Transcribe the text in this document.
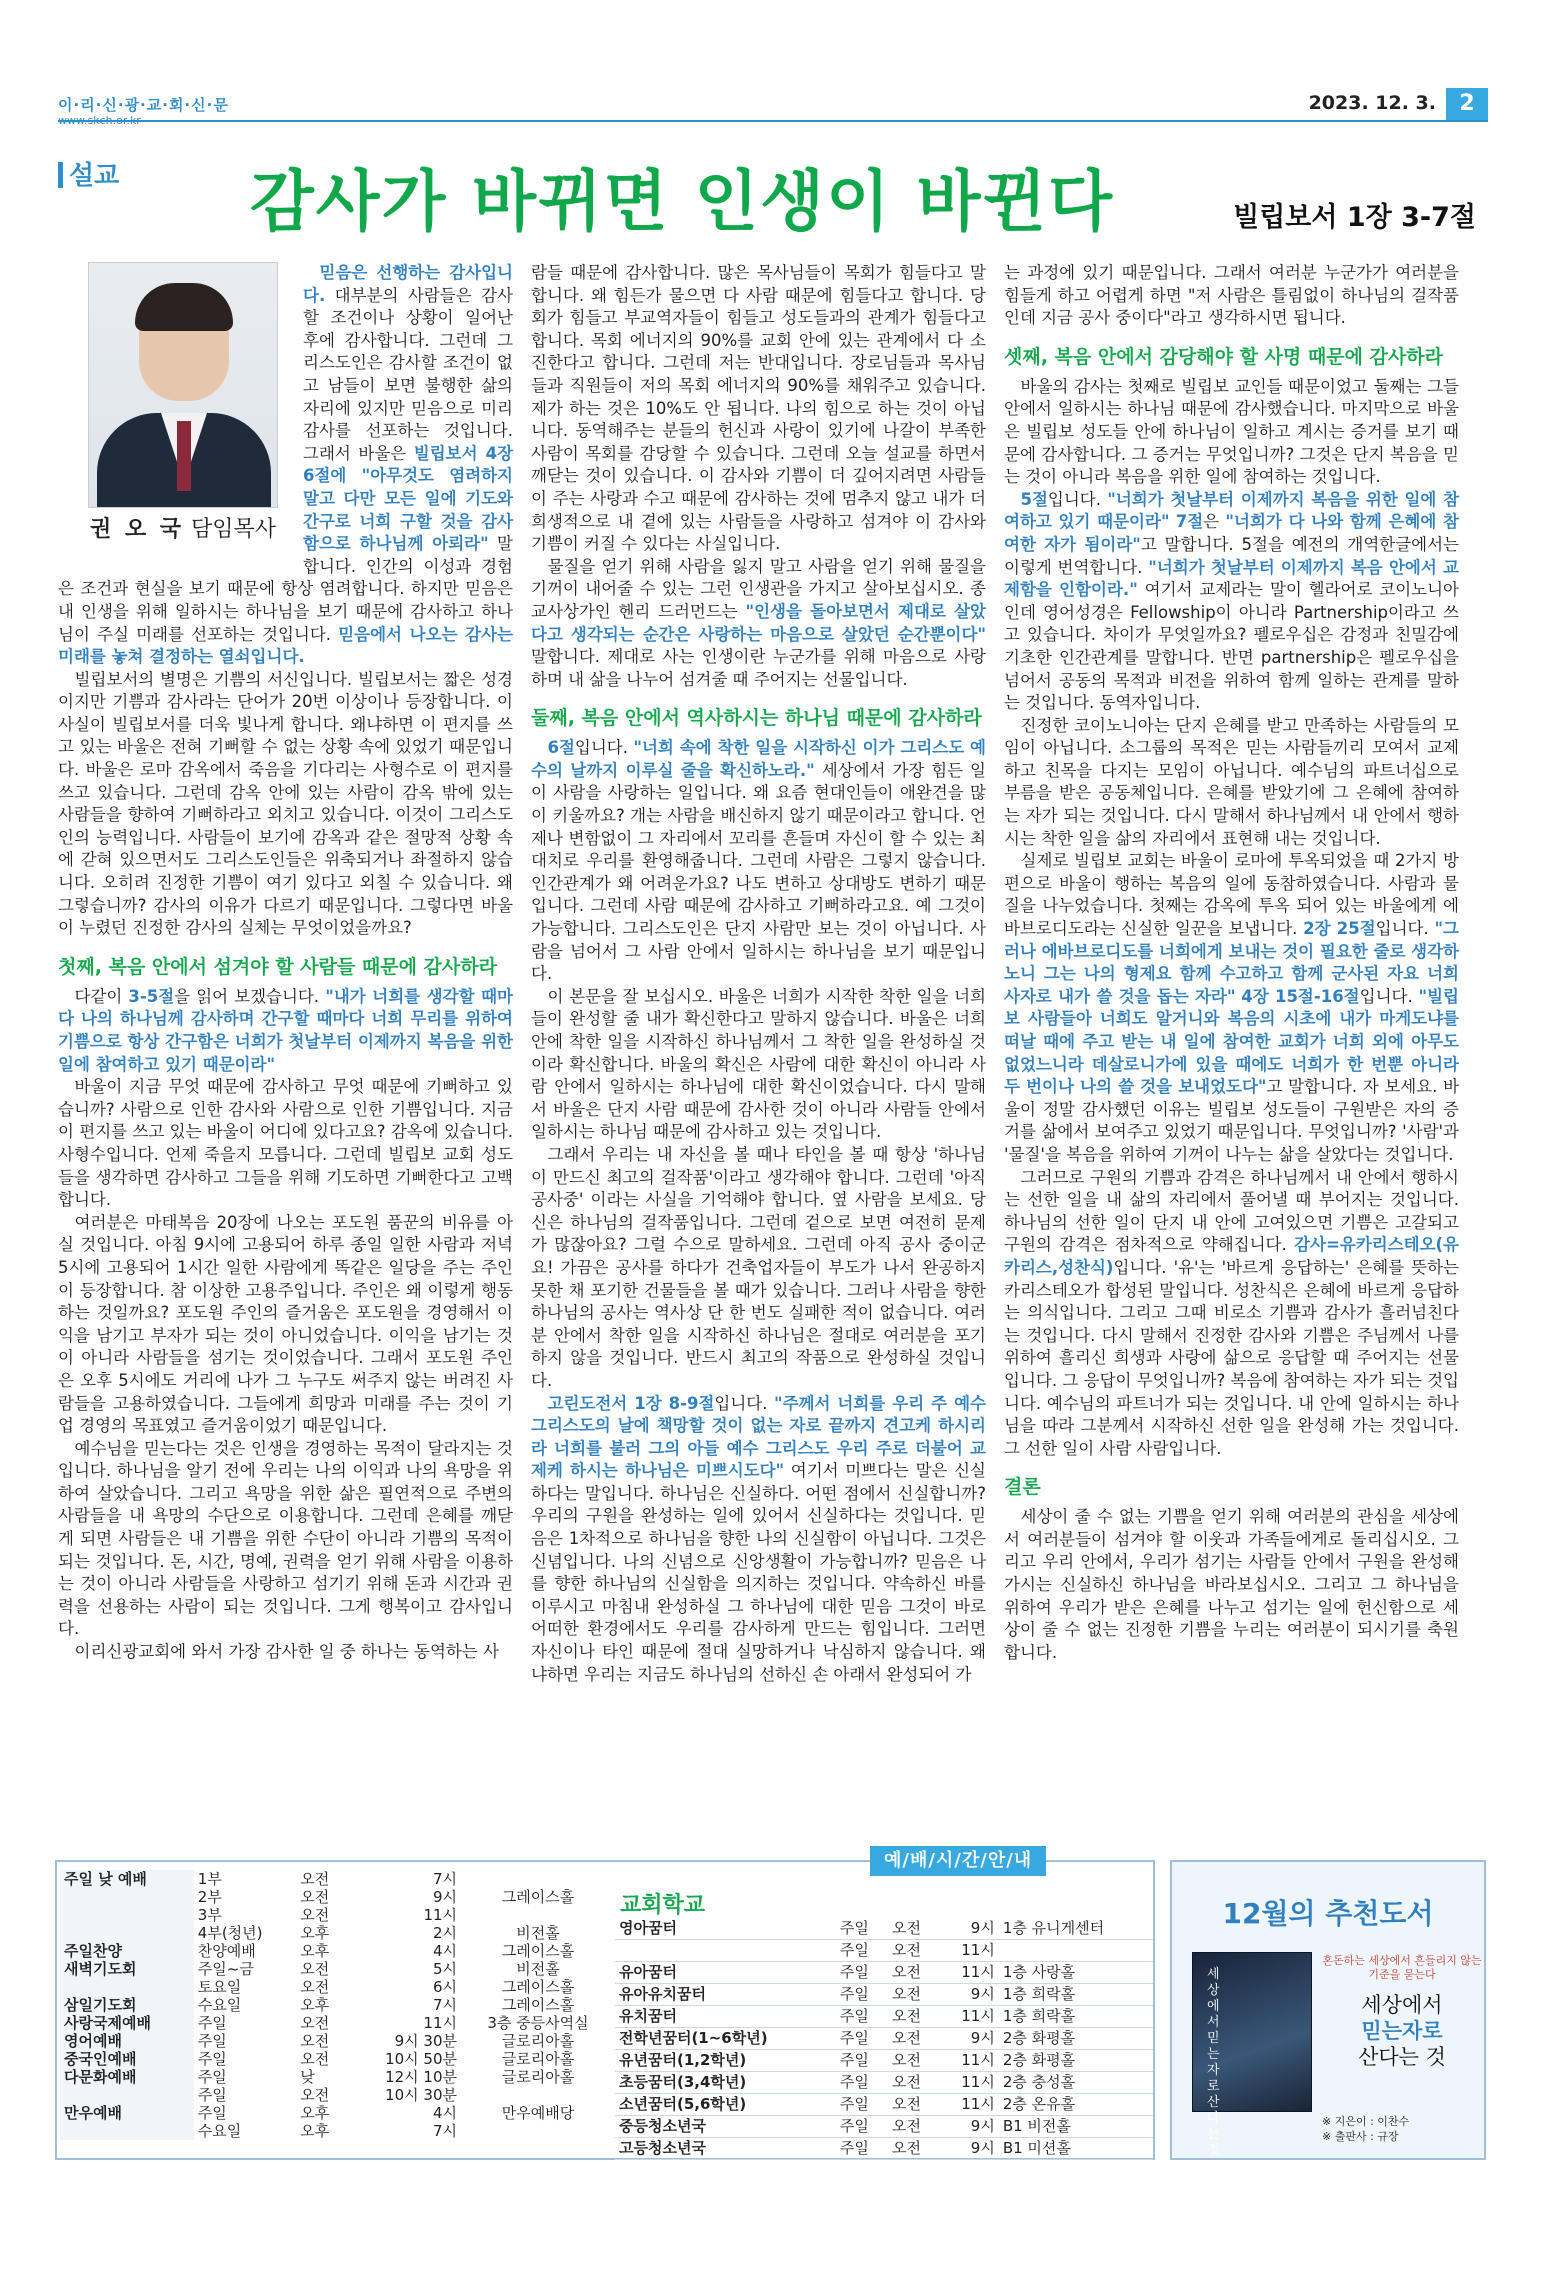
이·리·신·광·교·회·신·문
www.skch.or.kr
2023. 12. 3.	2
설교 감사가 바뀌면 인생이 바뀐다	빌립보서 1장 3-7절
권 오 국 담임목사

믿음은 선행하는 감사입니다. 대부분의 사람들은 감사할 조건이나 상황이 일어난 후에 감사합니다. 그런데 그리스도인은 감사할 조건이 없고 남들이 보면 불행한 삶의 자리에 있지만 믿음으로 미리 감사를 선포하는 것입니다. 그래서 바울은 빌립보서 4장 6절에 "아무것도 염려하지 말고 다만 모든 일에 기도와 간구로 너희 구할 것을 감사함으로 하나님께 아뢰라" 말합니다. 인간의 이성과 경험은 조건과 현실을 보기 때문에 항상 염려합니다. 하지만 믿음은 내 인생을 위해 일하시는 하나님을 보기 때문에 감사하고 하나님이 주실 미래를 선포하는 것입니다. 믿음에서 나오는 감사는 미래를 놓쳐 결정하는 열쇠입니다.

빌립보서의 별명은 기쁨의 서신입니다. 빌립보서는 짧은 성경이지만 기쁨과 감사라는 단어가 20번 이상이나 등장합니다. 이 사실이 빌립보서를 더욱 빛나게 합니다. 왜냐하면 이 편지를 쓰고 있는 바울은 전혀 기뻐할 수 없는 상황 속에 있었기 때문입니다. 바울은 로마 감옥에서 죽음을 기다리는 사형수로 이 편지를 쓰고 있습니다. 그런데 감옥 안에 있는 사람이 감옥 밖에 있는 사람들을 향하여 기뻐하라고 외치고 있습니다. 이것이 그리스도인의 능력입니다. 사람들이 보기에 감옥과 같은 절망적 상황 속에 갇혀 있으면서도 그리스도인들은 위축되거나 좌절하지 않습니다. 오히려 진정한 기쁨이 여기 있다고 외칠 수 있습니다. 왜 그렇습니까? 감사의 이유가 다르기 때문입니다. 그렇다면 바울이 누렸던 진정한 감사의 실체는 무엇이었을까요?

첫째, 복음 안에서 섬겨야 할 사람들 때문에 감사하라

다같이 3-5절을 읽어 보겠습니다. "내가 너희를 생각할 때마다 나의 하나님께 감사하며 간구할 때마다 너희 무리를 위하여 기쁨으로 항상 간구함은 너희가 첫날부터 이제까지 복음을 위한 일에 참여하고 있기 때문이라"

바울이 지금 무엇 때문에 감사하고 무엇 때문에 기뻐하고 있습니까? 사람으로 인한 감사와 사람으로 인한 기쁨입니다. 지금 이 편지를 쓰고 있는 바울이 어디에 있다고요? 감옥에 있습니다. 사형수입니다. 언제 죽을지 모릅니다. 그런데 빌립보 교회 성도들을 생각하면 감사하고 그들을 위해 기도하면 기뻐한다고 고백합니다.

여러분은 마태복음 20장에 나오는 포도원 품꾼의 비유를 아실 것입니다. 아침 9시에 고용되어 하루 종일 일한 사람과 저녁 5시에 고용되어 1시간 일한 사람에게 똑같은 일당을 주는 주인이 등장합니다. 참 이상한 고용주입니다. 주인은 왜 이렇게 행동하는 것일까요? 포도원 주인의 즐거움은 포도원을 경영해서 이익을 남기고 부자가 되는 것이 아니었습니다. 이익을 남기는 것이 아니라 사람들을 섬기는 것이었습니다. 그래서 포도원 주인은 오후 5시에도 거리에 나가 그 누구도 써주지 않는 버려진 사람들을 고용하였습니다. 그들에게 희망과 미래를 주는 것이 기업 경영의 목표였고 즐거움이었기 때문입니다.

예수님을 믿는다는 것은 인생을 경영하는 목적이 달라지는 것입니다. 하나님을 알기 전에 우리는 나의 이익과 나의 욕망을 위하여 살았습니다. 그리고 욕망을 위한 삶은 필연적으로 주변의 사람들을 내 욕망의 수단으로 이용합니다. 그런데 은혜를 깨닫게 되면 사람들은 내 기쁨을 위한 수단이 아니라 기쁨의 목적이 되는 것입니다. 돈, 시간, 명예, 권력을 얻기 위해 사람을 이용하는 것이 아니라 사람들을 사랑하고 섬기기 위해 돈과 시간과 권력을 선용하는 사람이 되는 것입니다. 그게 행복이고 감사입니다.

이리신광교회에 와서 가장 감사한 일 중 하나는 동역하는 사

람들 때문에 감사합니다. 많은 목사님들이 목회가 힘들다고 말합니다. 왜 힘든가 물으면 다 사람 때문에 힘들다고 합니다. 당회가 힘들고 부교역자들이 힘들고 성도들과의 관계가 힘들다고 합니다. 목회 에너지의 90%를 교회 안에 있는 관계에서 다 소진한다고 합니다. 그런데 저는 반대입니다. 장로님들과 목사님들과 직원들이 저의 목회 에너지의 90%를 채워주고 있습니다. 제가 하는 것은 10%도 안 됩니다. 나의 힘으로 하는 것이 아닙니다. 동역해주는 분들의 헌신과 사랑이 있기에 나갈이 부족한 사람이 목회를 감당할 수 있습니다. 그런데 오늘 설교를 하면서 깨닫는 것이 있습니다. 이 감사와 기쁨이 더 깊어지려면 사람들이 주는 사랑과 수고 때문에 감사하는 것에 멈추지 않고 내가 더 희생적으로 내 곁에 있는 사람들을 사랑하고 섬겨야 이 감사와 기쁨이 커질 수 있다는 사실입니다.

물질을 얻기 위해 사람을 잃지 말고 사람을 얻기 위해 물질을 기꺼이 내어줄 수 있는 그런 인생관을 가지고 살아보십시오. 종교사상가인 헨리 드러먼드는 "인생을 돌아보면서 제대로 살았다고 생각되는 순간은 사랑하는 마음으로 살았던 순간뿐이다" 말합니다. 제대로 사는 인생이란 누군가를 위해 마음으로 사랑하며 내 삶을 나누어 섬겨줄 때 주어지는 선물입니다.

둘째, 복음 안에서 역사하시는 하나님 때문에 감사하라

6절입니다. "너희 속에 착한 일을 시작하신 이가 그리스도 예수의 날까지 이루실 줄을 확신하노라." 세상에서 가장 힘든 일이 사람을 사랑하는 일입니다. 왜 요즘 현대인들이 애완견을 많이 키울까요? 개는 사람을 배신하지 않기 때문이라고 합니다. 언제나 변함없이 그 자리에서 꼬리를 흔들며 자신이 할 수 있는 최대치로 우리를 환영해줍니다. 그런데 사람은 그렇지 않습니다. 인간관계가 왜 어려운가요? 나도 변하고 상대방도 변하기 때문입니다. 그런데 사람 때문에 감사하고 기뻐하라고요. 예 그것이 가능합니다. 그리스도인은 단지 사람만 보는 것이 아닙니다. 사람을 넘어서 그 사람 안에서 일하시는 하나님을 보기 때문입니다.

이 본문을 잘 보십시오. 바울은 너희가 시작한 착한 일을 너희들이 완성할 줄 내가 확신한다고 말하지 않습니다. 바울은 너희 안에 착한 일을 시작하신 하나님께서 그 착한 일을 완성하실 것이라 확신합니다. 바울의 확신은 사람에 대한 확신이 아니라 사람 안에서 일하시는 하나님에 대한 확신이었습니다. 다시 말해서 바울은 단지 사람 때문에 감사한 것이 아니라 사람들 안에서 일하시는 하나님 때문에 감사하고 있는 것입니다.

그래서 우리는 내 자신을 볼 때나 타인을 볼 때 항상 '하나님이 만드신 최고의 걸작품'이라고 생각해야 합니다. 그런데 '아직 공사중' 이라는 사실을 기억해야 합니다. 옆 사람을 보세요. 당신은 하나님의 걸작품입니다. 그런데 겉으로 보면 여전히 문제가 많잖아요? 그럴 수으로 말하세요. 그런데 아직 공사 중이군요! 가끔은 공사를 하다가 건축업자들이 부도가 나서 완공하지 못한 채 포기한 건물들을 볼 때가 있습니다. 그러나 사람을 향한 하나님의 공사는 역사상 단 한 번도 실패한 적이 없습니다. 여러분 안에서 착한 일을 시작하신 하나님은 절대로 여러분을 포기하지 않을 것입니다. 반드시 최고의 작품으로 완성하실 것입니다.

고린도전서 1장 8-9절입니다. "주께서 너희를 우리 주 예수 그리스도의 날에 책망할 것이 없는 자로 끝까지 견고케 하시리라 너희를 불러 그의 아들 예수 그리스도 우리 주로 더불어 교제케 하시는 하나님은 미쁘시도다" 여기서 미쁘다는 말은 신실하다는 말입니다. 하나님은 신실하다. 어떤 점에서 신실합니까? 우리의 구원을 완성하는 일에 있어서 신실하다는 것입니다. 믿음은 1차적으로 하나님을 향한 나의 신실함이 아닙니다. 그것은 신념입니다. 나의 신념으로 신앙생활이 가능합니까? 믿음은 나를 향한 하나님의 신실함을 의지하는 것입니다. 약속하신 바를 이루시고 마침내 완성하실 그 하나님에 대한 믿음 그것이 바로 어떠한 환경에서도 우리를 감사하게 만드는 힘입니다. 그러면 자신이나 타인 때문에 절대 실망하거나 낙심하지 않습니다. 왜냐하면 우리는 지금도 하나님의 선하신 손 아래서 완성되어 가

는 과정에 있기 때문입니다. 그래서 여러분 누군가가 여러분을 힘들게 하고 어렵게 하면 "저 사람은 틀림없이 하나님의 걸작품인데 지금 공사 중이다"라고 생각하시면 됩니다.

셋째, 복음 안에서 감당해야 할 사명 때문에 감사하라

바울의 감사는 첫째로 빌립보 교인들 때문이었고 둘째는 그들 안에서 일하시는 하나님 때문에 감사했습니다. 마지막으로 바울은 빌립보 성도들 안에 하나님이 일하고 계시는 증거를 보기 때문에 감사합니다. 그 증거는 무엇입니까? 그것은 단지 복음을 믿는 것이 아니라 복음을 위한 일에 참여하는 것입니다.

5절입니다. "너희가 첫날부터 이제까지 복음을 위한 일에 참여하고 있기 때문이라" 7절은 "너희가 다 나와 함께 은혜에 참여한 자가 됨이라"고 말합니다. 5절을 예전의 개역한글에서는 이렇게 번역합니다. "너희가 첫날부터 이제까지 복음 안에서 교제함을 인함이라." 여기서 교제라는 말이 헬라어로 코이노니아인데 영어성경은 Fellowship이 아니라 Partnership이라고 쓰고 있습니다. 차이가 무엇일까요? 펠로우십은 감정과 친밀감에 기초한 인간관계를 말합니다. 반면 partnership은 펠로우십을 넘어서 공동의 목적과 비전을 위하여 함께 일하는 관계를 말하는 것입니다. 동역자입니다.

진정한 코이노니아는 단지 은혜를 받고 만족하는 사람들의 모임이 아닙니다. 소그룹의 목적은 믿는 사람들끼리 모여서 교제하고 친목을 다지는 모임이 아닙니다. 예수님의 파트너십으로 부름을 받은 공동체입니다. 은혜를 받았기에 그 은혜에 참여하는 자가 되는 것입니다. 다시 말해서 하나님께서 내 안에서 행하시는 착한 일을 삶의 자리에서 표현해 내는 것입니다.

실제로 빌립보 교회는 바울이 로마에 투옥되었을 때 2가지 방편으로 바울이 행하는 복음의 일에 동참하였습니다. 사람과 물질을 나누었습니다. 첫째는 감옥에 투옥 되어 있는 바울에게 에바브로디도라는 신실한 일꾼을 보냅니다. 2장 25절입니다. "그러나 에바브로디도를 너희에게 보내는 것이 필요한 줄로 생각하노니 그는 나의 형제요 함께 수고하고 함께 군사된 자요 너희 사자로 내가 쓸 것을 돕는 자라" 4장 15절-16절입니다. "빌립보 사람들아 너희도 알거니와 복음의 시초에 내가 마게도냐를 떠날 때에 주고 받는 내 일에 참여한 교회가 너희 외에 아무도 없었느니라 데살로니가에 있을 때에도 너희가 한 번뿐 아니라 두 번이나 나의 쓸 것을 보내었도다"고 말합니다. 자 보세요. 바울이 정말 감사했던 이유는 빌립보 성도들이 구원받은 자의 증거를 삶에서 보여주고 있었기 때문입니다. 무엇입니까? '사람'과 '물질'을 복음을 위하여 기꺼이 나누는 삶을 살았다는 것입니다.

그러므로 구원의 기쁨과 감격은 하나님께서 내 안에서 행하시는 선한 일을 내 삶의 자리에서 풀어낼 때 부어지는 것입니다. 하나님의 선한 일이 단지 내 안에 고여있으면 기쁨은 고갈되고 구원의 감격은 점차적으로 약해집니다. 감사=유카리스테오(유카리스,성찬식)입니다. '유'는 '바르게 응답하는' 은혜를 뜻하는 카리스테오가 합성된 말입니다. 성찬식은 은혜에 바르게 응답하는 의식입니다. 그리고 그때 비로소 기쁨과 감사가 흘러넘친다는 것입니다. 다시 말해서 진정한 감사와 기쁨은 주님께서 나를 위하여 흘리신 희생과 사랑에 삶으로 응답할 때 주어지는 선물입니다. 그 응답이 무엇입니까? 복음에 참여하는 자가 되는 것입니다. 예수님의 파트너가 되는 것입니다. 내 안에 일하시는 하나님을 따라 그분께서 시작하신 선한 일을 완성해 가는 것입니다. 그 선한 일이 사람 사람입니다.

결론

세상이 줄 수 없는 기쁨을 얻기 위해 여러분의 관심을 세상에서 여러분들이 섬겨야 할 이웃과 가족들에게로 돌리십시오. 그리고 우리 안에서, 우리가 섬기는 사람들 안에서 구원을 완성해 가시는 신실하신 하나님을 바라보십시오. 그리고 그 하나님을 위하여 우리가 받은 은혜를 나누고 섬기는 일에 헌신함으로 세상이 줄 수 없는 진정한 기쁨을 누리는 여러분이 되시기를 축원합니다.

예/배/시/간/안/내
주일 낮 예배	1부	오전	7시	
	2부	오전	9시	그레이스홀
	3부	오전	11시	
	4부(청년)	오후	2시	비전홀
주일찬양	찬양예배	오후	4시	그레이스홀
새벽기도회	주일~금	오전	5시	비전홀
	토요일	오전	6시	그레이스홀
삼일기도회	수요일	오후	7시	그레이스홀
사랑국제예배	주일	오전	11시	3층 중등사역실
영어예배	주일	오전	9시 30분	글로리아홀
중국인예배	주일	오전	10시 50분	글로리아홀
다문화예배	주일	낮	12시 10분	글로리아홀
	주일	오전	10시 30분	
만우예배	주일	오후	4시	만우예배당
	수요일	오후	7시	
교회학교
영아꿈터	주일	오전	9시	1층 유니게센터
	주일	오전	11시	
유아꿈터	주일	오전	11시	1층 사랑홀
유아유치꿈터	주일	오전	9시	1층 희락홀
유치꿈터	주일	오전	11시	1층 희락홀
전학년꿈터(1~6학년)	주일	오전	9시	2층 화평홀
유년꿈터(1,2학년)	주일	오전	11시	2층 화평홀
초등꿈터(3,4학년)	주일	오전	11시	2층 충성홀
소년꿈터(5,6학년)	주일	오전	11시	2층 온유홀
중등청소년국	주일	오전	9시	B1 비전홀
고등청소년국	주일	오전	9시	B1 미션홀
12월의 추천도서
세상에서 믿는자로 산다는 것
혼돈하는 세상에서 흔들리지 않는 기준을 묻는다
세상에서
믿는자로
산다는 것
※ 지은이 : 이찬수
※ 출판사 : 규장
